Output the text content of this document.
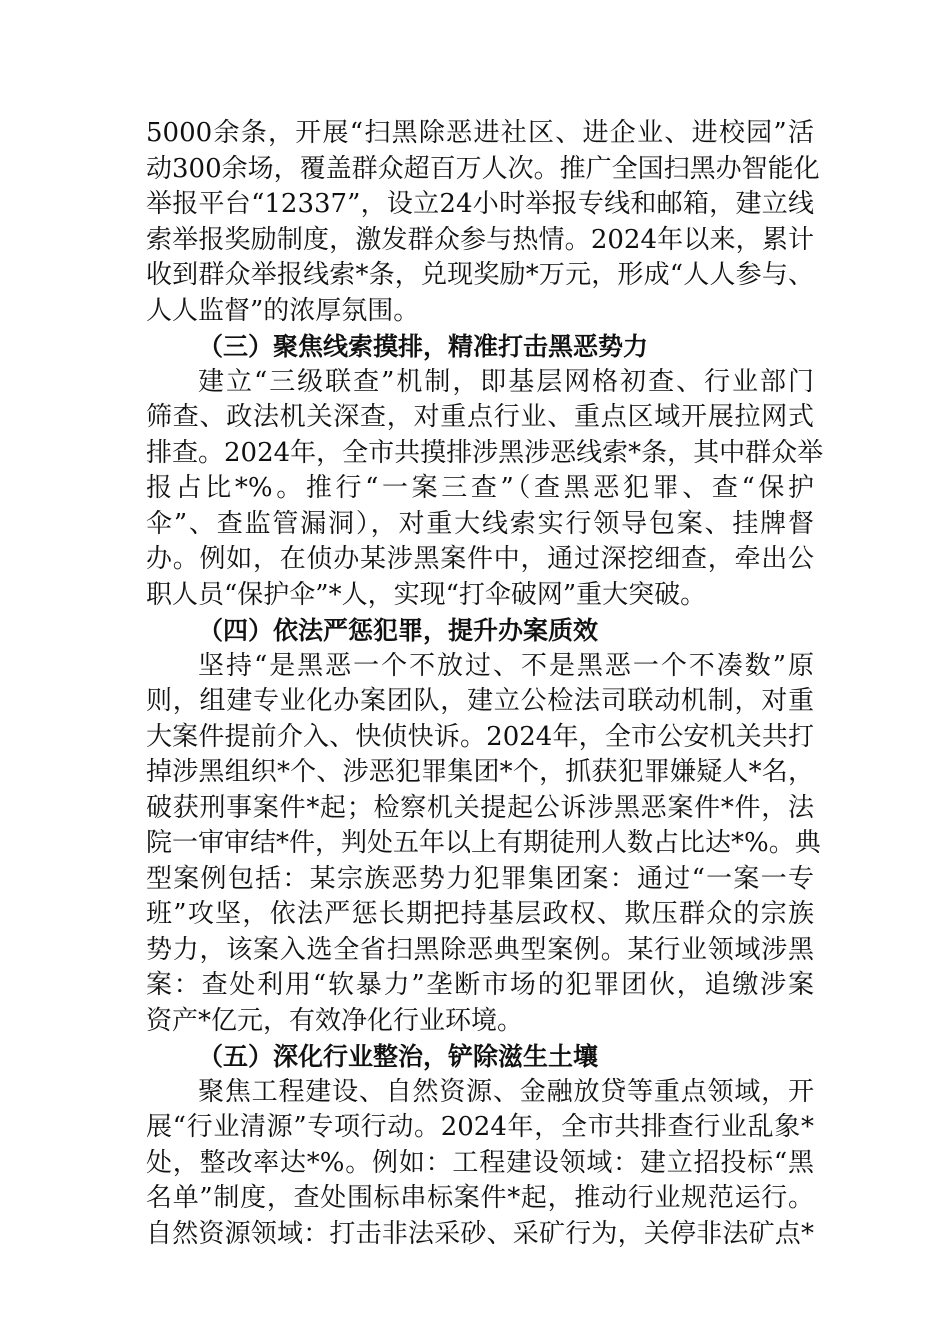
5000余条，开展“扫黑除恶进社区、进企业、进校园”活
动300余场，覆盖群众超百万人次。推广全国扫黑办智能化
举报平台“12337”，设立24小时举报专线和邮箱，建立线
索举报奖励制度，激发群众参与热情。2024年以来，累计
收到群众举报线索*条，兑现奖励*万元，形成“人人参与、
人人监督”的浓厚氛围。
（三）聚焦线索摸排，精准打击黑恶势力
建立“三级联查”机制，即基层网格初查、行业部门
筛查、政法机关深查，对重点行业、重点区域开展拉网式
排查。2024年，全市共摸排涉黑涉恶线索*条，其中群众举
报占比*%。推行“一案三查”（查黑恶犯罪、查“保护
伞”、查监管漏洞），对重大线索实行领导包案、挂牌督
办。例如，在侦办某涉黑案件中，通过深挖细查，牵出公
职人员“保护伞”*人，实现“打伞破网”重大突破。
（四）依法严惩犯罪，提升办案质效
坚持“是黑恶一个不放过、不是黑恶一个不凑数”原
则，组建专业化办案团队，建立公检法司联动机制，对重
大案件提前介入、快侦快诉。2024年，全市公安机关共打
掉涉黑组织*个、涉恶犯罪集团*个，抓获犯罪嫌疑人*名，
破获刑事案件*起；检察机关提起公诉涉黑恶案件*件，法
院一审审结*件，判处五年以上有期徒刑人数占比达*%。典
型案例包括：某宗族恶势力犯罪集团案：通过“一案一专
班”攻坚，依法严惩长期把持基层政权、欺压群众的宗族
势力，该案入选全省扫黑除恶典型案例。某行业领域涉黑
案：查处利用“软暴力”垄断市场的犯罪团伙，追缴涉案
资产*亿元，有效净化行业环境。
（五）深化行业整治，铲除滋生土壤
聚焦工程建设、自然资源、金融放贷等重点领域，开
展“行业清源”专项行动。2024年，全市共排查行业乱象*
处，整改率达*%。例如：工程建设领域：建立招投标“黑
名单”制度，查处围标串标案件*起，推动行业规范运行。
自然资源领域：打击非法采砂、采矿行为，关停非法矿点*
